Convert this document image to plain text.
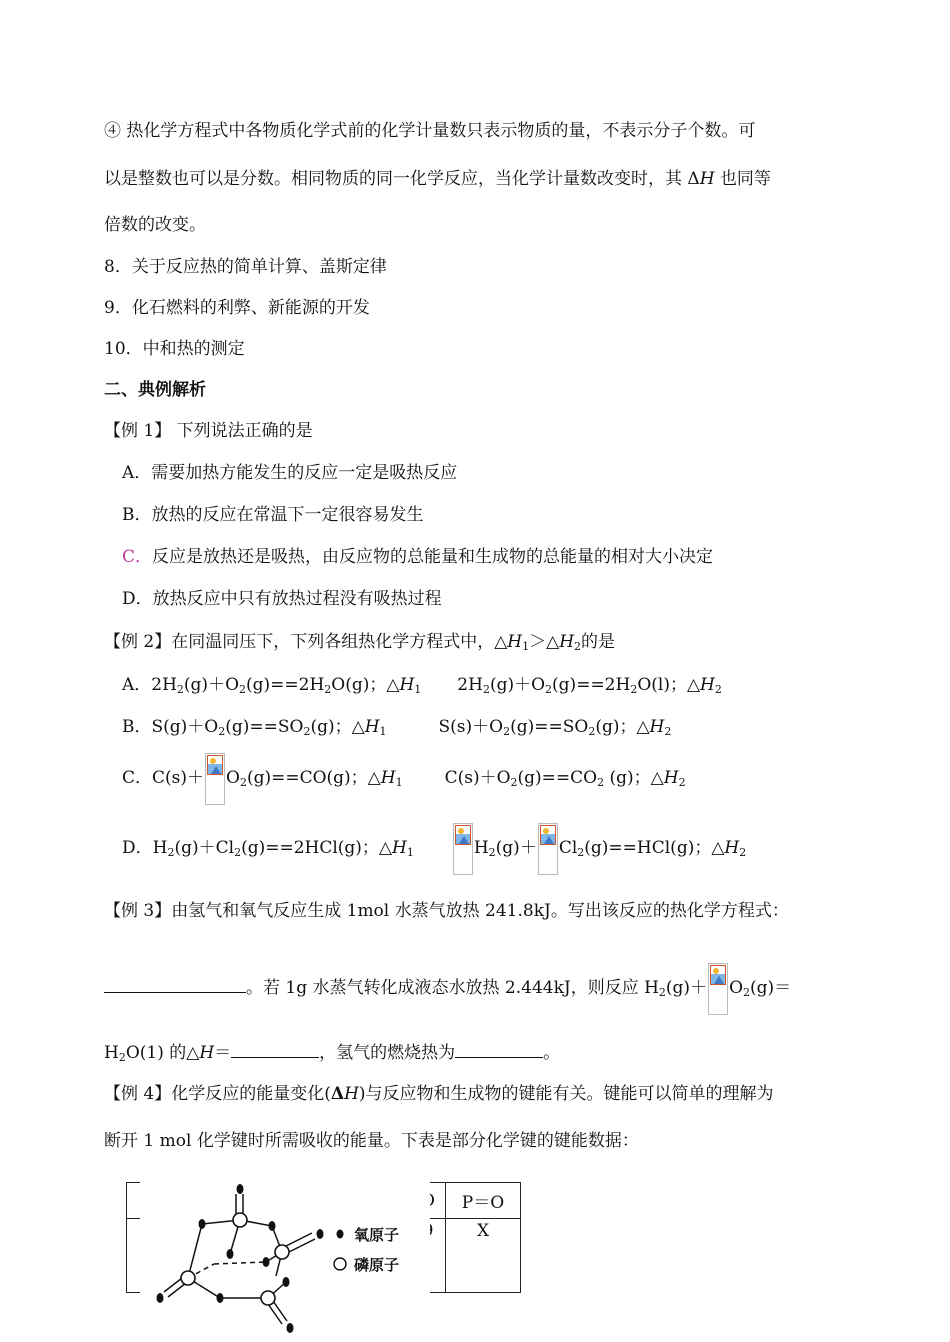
④ 热化学方程式中各物质化学式前的化学计量数只表示物质的量，不表示分子个数。可
以是整数也可以是分数。相同物质的同一化学反应，当化学计量数改变时，其 ΔH 也同等
倍数的改变。
8．关于反应热的简单计算、盖斯定律
9．化石燃料的利弊、新能源的开发
10．中和热的测定
二、典例解析
【例 1】 下列说法正确的是
A．需要加热方能发生的反应一定是吸热反应
B．放热的反应在常温下一定很容易发生
C．反应是放热还是吸热，由反应物的总能量和生成物的总能量的相对大小决定
D．放热反应中只有放热过程没有吸热过程
【例 2】在同温同压下，下列各组热化学方程式中，$\triangle H_1>\triangle H_2$的是
A．$2H_2(g)+O_2(g)==2H_2O(g)$；$\triangle H_1$ $2H_2(g)+O_2(g)==2H_2O(l)$；$\triangle H_2$
B．$S(g)+O_2(g)==SO_2(g)$；$\triangle H_1$	$S(s)+O_2(g)==SO_2(g)$；$\triangle H_2$
C．$C(s)+ O_2(g)==CO(g)$；$\triangle H_1$ $C(s)+O_2(g)==CO_2$ (g)；$\triangle H_2$
D．$H_2(g)+Cl_2(g)==2HCl(g)$；$\triangle H_1$	$H_2(g)+ Cl_2(g)==HCl(g)$；$\triangle H_2$
【例 3】由氢气和氧气反应生成 1mol 水蒸气放热 241.8kJ。写出该反应的热化学方程式：
。若 1g 水蒸气转化成液态水放热 2.444kJ，则反应 $H_2(g)+ O_2(g)=$
$H_2O(1)$ 的△H＝	，氢气的燃烧热为	。
【例 4】化学反应的能量变化(ΔH)与反应物和生成物的键能有关。键能可以简单的理解为
断开 1 mol 化学键时所需吸收的能量。下表是部分化学键的键能数据：
	O	P＝O
	9	X
氧原子
磷原子
